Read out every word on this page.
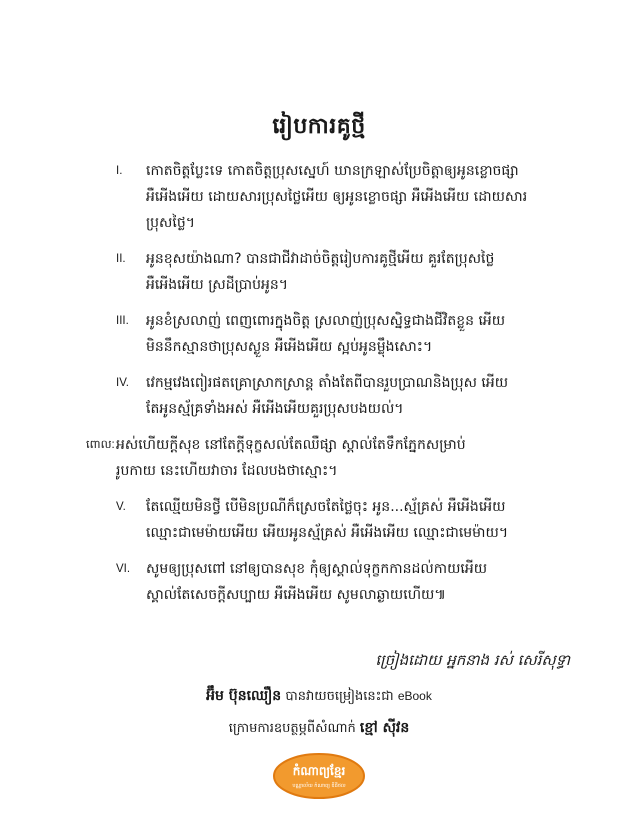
រៀបការគូថ្មី
I. កោតចិត្តប្លែះទេ កោតចិត្តប្រុសស្នេហ៍ ឃានក្រឡាស់ប្រែចិត្តាឲ្យអូនខ្លោចផ្សា
អឺអើងអើយ ដោយសារប្រុសថ្លៃអើយ ឲ្យអូនខ្លោចផ្សា អឺអើងអើយ ដោយសារ
ប្រុសថ្លៃ។
II. អូនខុសយ៉ាងណា? បានជាជីវាដាច់ចិត្តរៀបការគូថ្មីអើយ គួរតែប្រុសថ្លៃ
អឺអើងអើយ ស្រដីប្រាប់អូន។
III. អូនខំស្រលាញ់ ពេញពោរក្នុងចិត្ត ស្រលាញ់ប្រុសស្និទ្ធជាងជីវិតខ្លួន អើយ
មិននឹកស្មានថាប្រុសស្ងួន អឺអើងអើយ ស្អប់អូនម្ល៉ឹងសោះ។
IV. វេកម្មវេងពៀរផតគ្រោស្រាកស្រាន្ត តាំងតែពីបានរួបប្រាណនិងប្រុស អើយ
តែអូនស្ម័គ្រទាំងអស់ អឺអើងអើយគួរប្រុសបងយល់។
ពោល: អស់ហើយក្តីសុខ នៅតែក្តីទុក្ខសល់តែឈឺផ្សា ស្តាល់តែទឹកភ្នែកសម្រាប់
រូបកាយ នេះហើយវាចារ ដែលបងថាស្មោះ។
V. តែឈ្មើយមិនថ្វី បើមិនប្រណីក៏ស្រេចតែថ្លៃចុះ អូន...ស្ម័គ្រស់ អឺអើងអើយ
ឈ្មោះជាមេម៉ាយអើយ អើយអូនស្ម័គ្រស់ អឺអើងអើយ ឈ្មោះជាមេម៉ាយ។
VI. សូមឲ្យប្រុសពៅ នៅឲ្យបានសុខ កុំឲ្យស្គាល់ទុក្ខកកានដល់កាយអើយ
ស្គាល់តែសេចក្តីសប្បាយ អឺអើងអើយ សូមលាឆ្ងាយហើយ៕
ច្រៀងដោយ អ្នកនាង រស់ សេរីសុទ្ធា
អ៊ឹម ប៊ុនឈឿន បានវាយចម្រៀងនេះជា eBook
ក្រោមការឧបត្ថម្ភពីសំណាក់ ខ្មៅ ស៊ីវន
កំណាព្យខ្មែរ
បណ្ណាល័យ កំណាព្យ ឌីជីថល
